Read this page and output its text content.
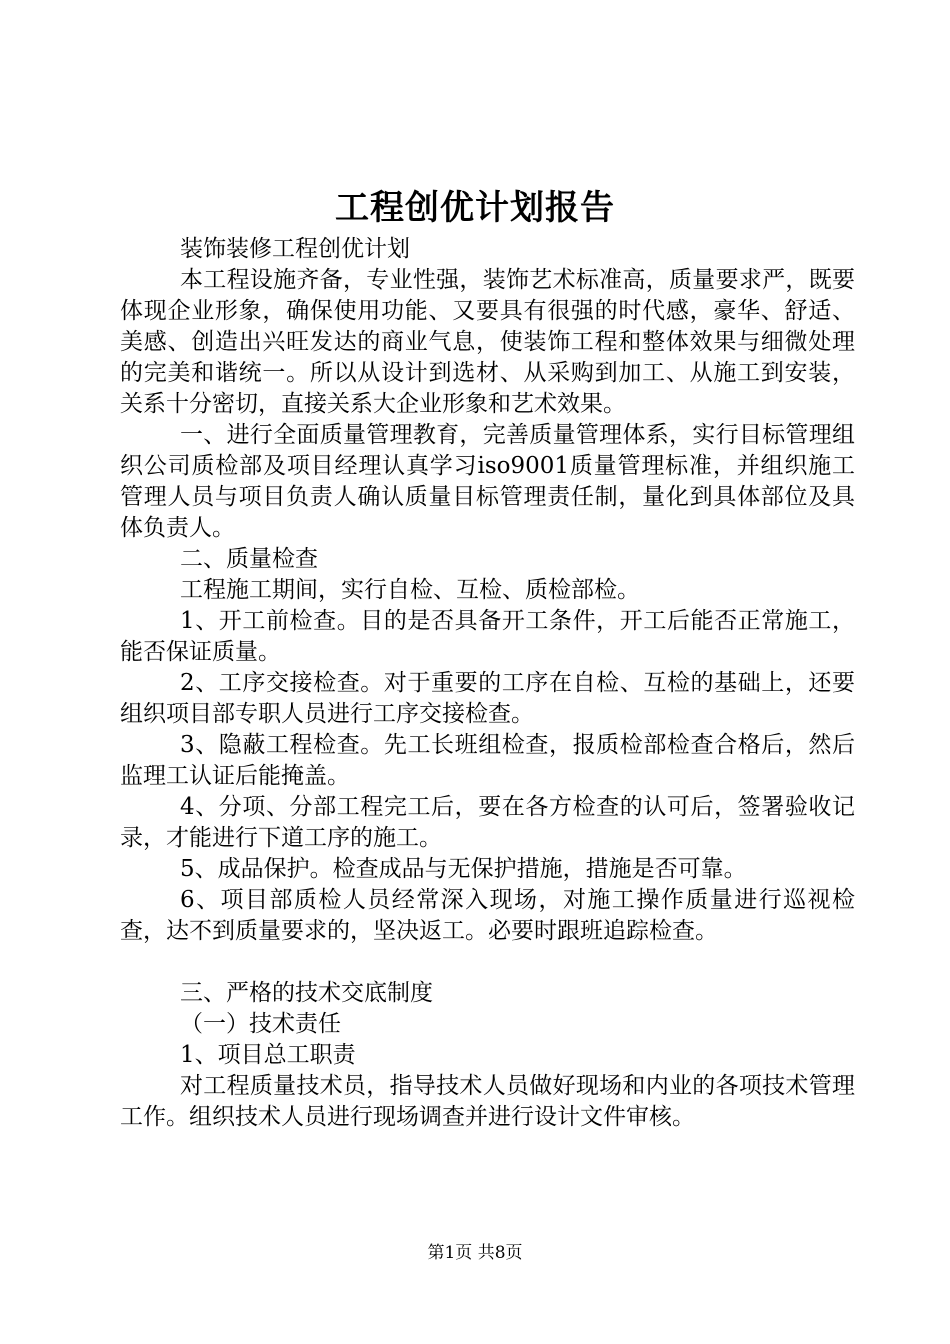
工程创优计划报告

装饰装修工程创优计划

本工程设施齐备，专业性强，装饰艺术标准高，质量要求严，既要体现企业形象，确保使用功能、又要具有很强的时代感，豪华、舒适、美感、创造出兴旺发达的商业气息，使装饰工程和整体效果与细微处理的完美和谐统一。所以从设计到选材、从采购到加工、从施工到安装，关系十分密切，直接关系大企业形象和艺术效果。

一、进行全面质量管理教育，完善质量管理体系，实行目标管理组织公司质检部及项目经理认真学习iso9001质量管理标准，并组织施工管理人员与项目负责人确认质量目标管理责任制，量化到具体部位及具体负责人。

二、质量检查

工程施工期间，实行自检、互检、质检部检。

1、开工前检查。目的是否具备开工条件，开工后能否正常施工，能否保证质量。

2、工序交接检查。对于重要的工序在自检、互检的基础上，还要组织项目部专职人员进行工序交接检查。

3、隐蔽工程检查。先工长班组检查，报质检部检查合格后，然后监理工认证后能掩盖。

4、分项、分部工程完工后，要在各方检查的认可后，签署验收记录，才能进行下道工序的施工。

5、成品保护。检查成品与无保护措施，措施是否可靠。

6、项目部质检人员经常深入现场，对施工操作质量进行巡视检查，达不到质量要求的，坚决返工。必要时跟班追踪检查。

三、严格的技术交底制度

（一）技术责任

1、项目总工职责

对工程质量技术员，指导技术人员做好现场和内业的各项技术管理工作。组织技术人员进行现场调查并进行设计文件审核。

第1页 共8页
